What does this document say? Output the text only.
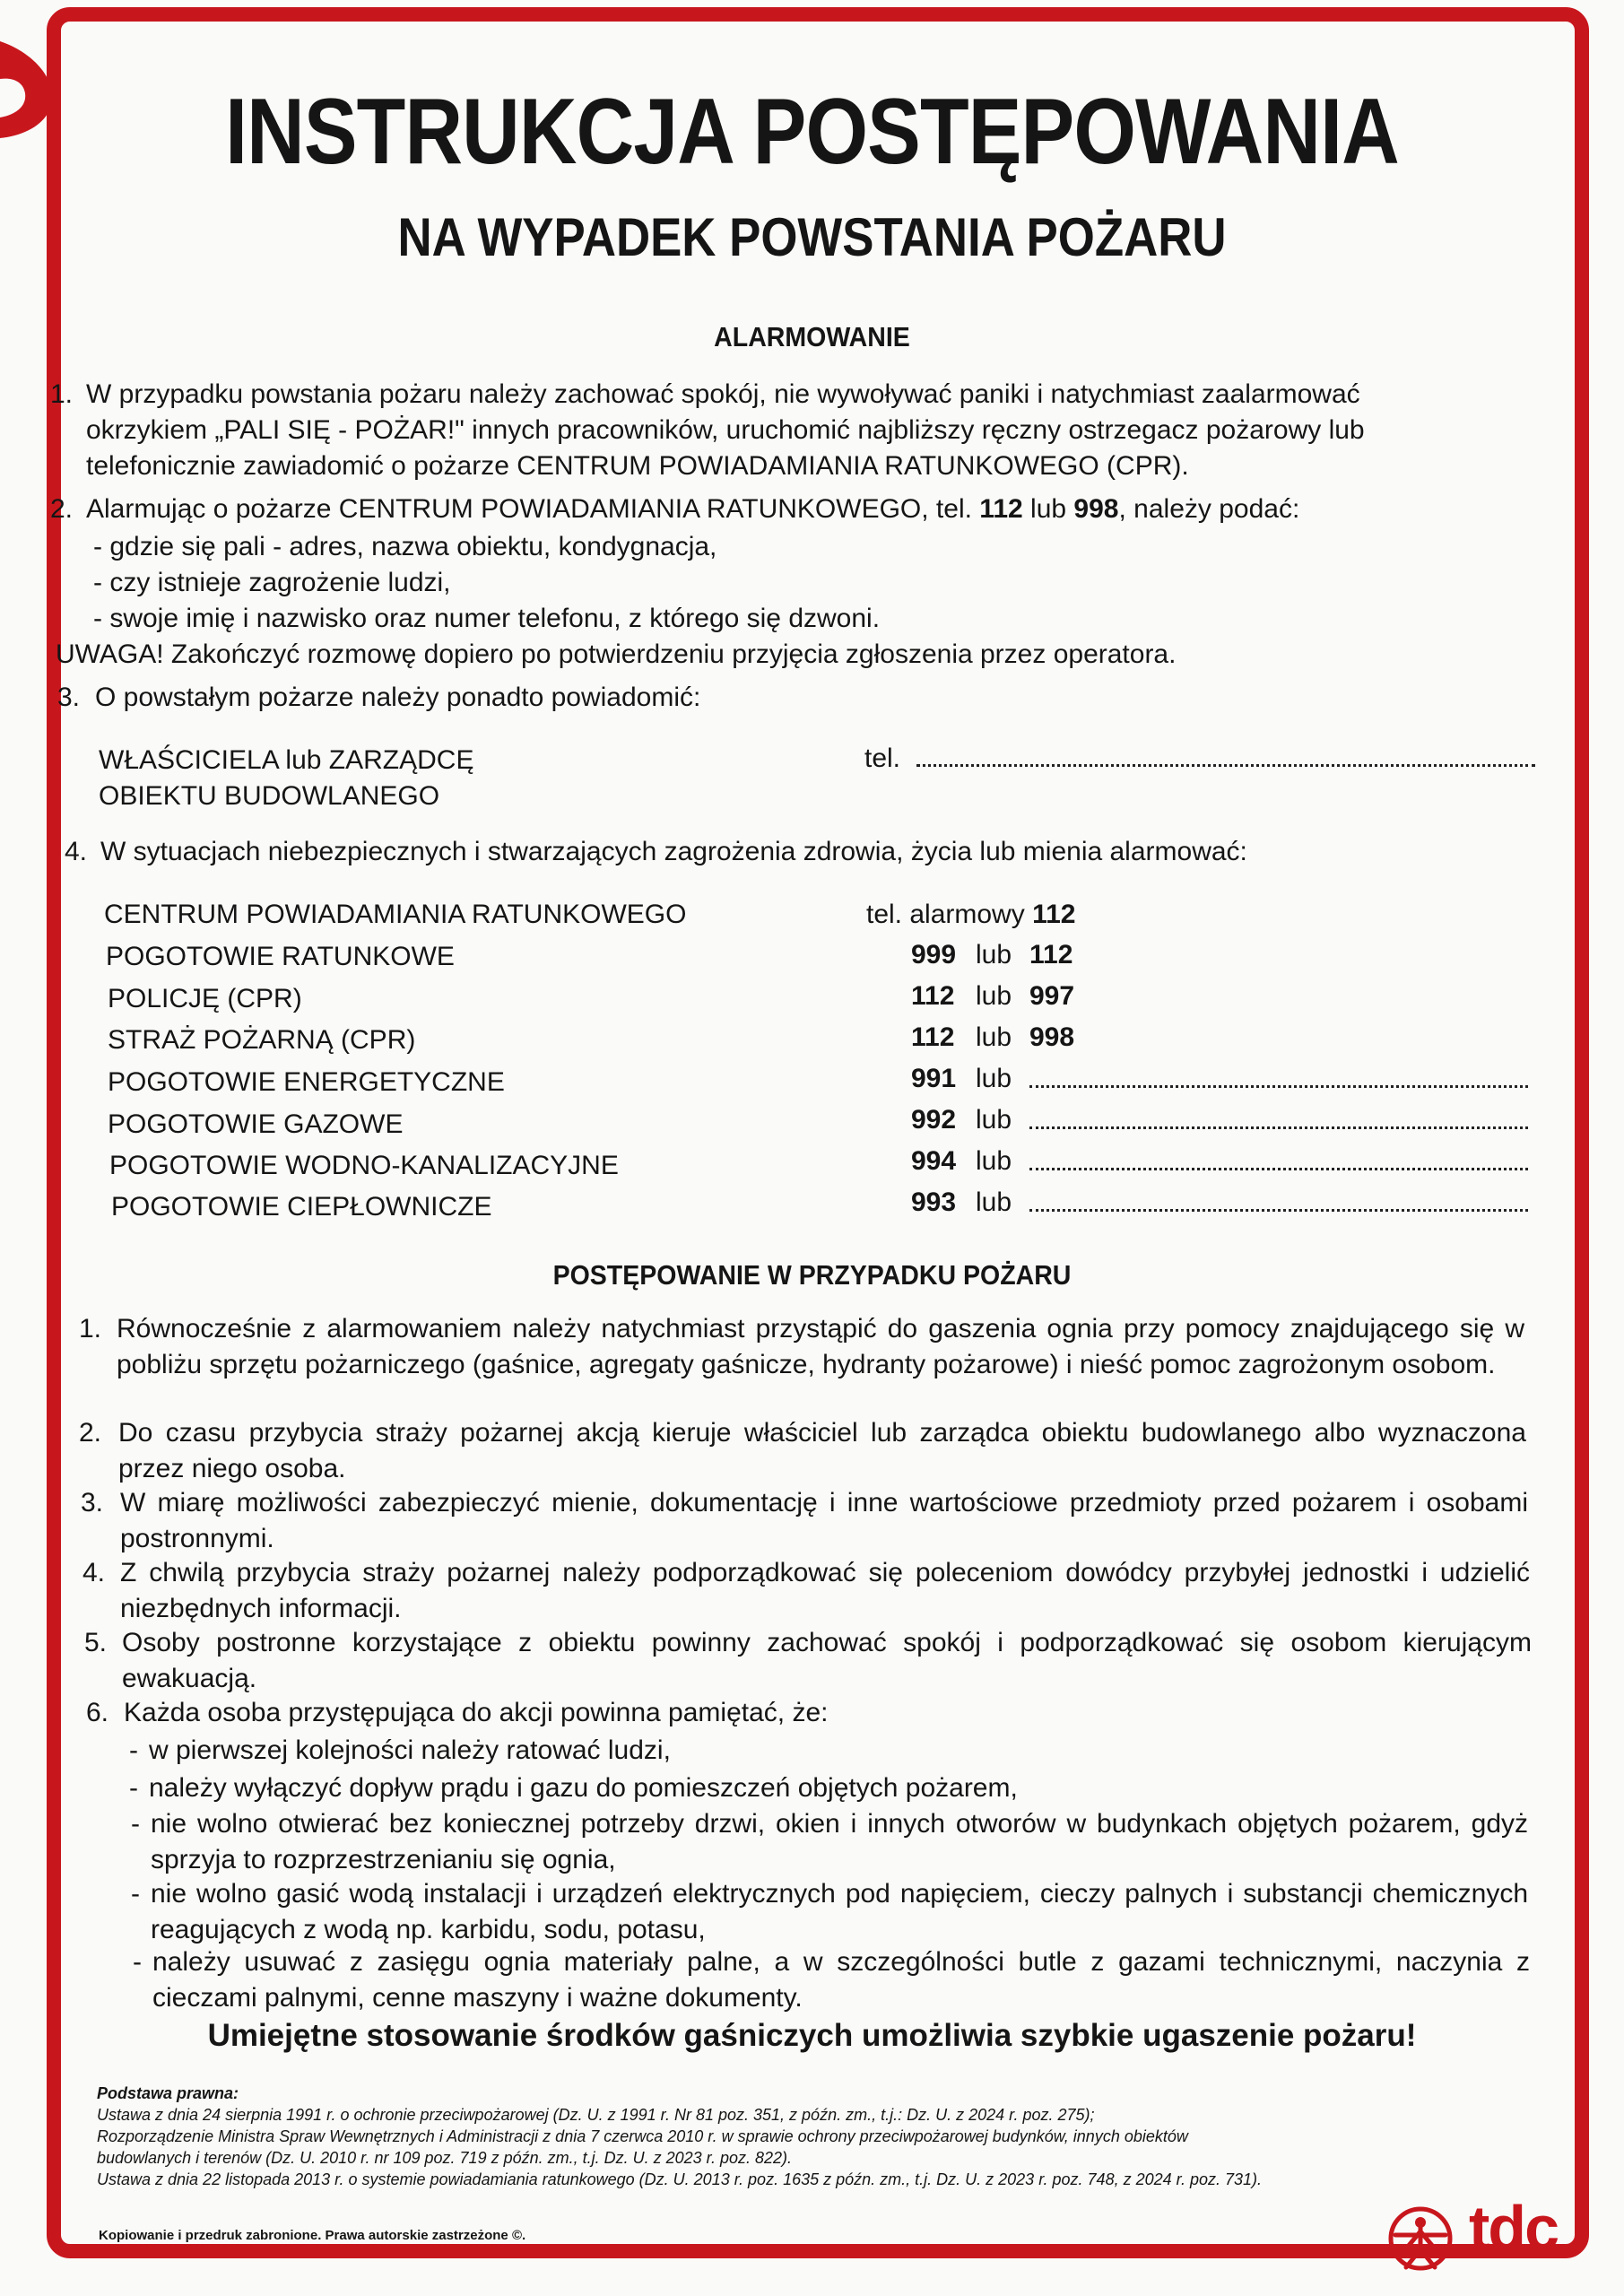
INSTRUKCJA POSTĘPOWANIA
NA WYPADEK POWSTANIA POŻARU
ALARMOWANIE
1. W przypadku powstania pożaru należy zachować spokój, nie wywoływać paniki i natychmiast zaalarmować
okrzykiem „PALI SIĘ - POŻAR!" innych pracowników, uruchomić najbliższy ręczny ostrzegacz pożarowy lub
telefonicznie zawiadomić o pożarze CENTRUM POWIADAMIANIA RATUNKOWEGO (CPR).
2. Alarmując o pożarze CENTRUM POWIADAMIANIA RATUNKOWEGO, tel. 112 lub 998, należy podać:
- gdzie się pali - adres, nazwa obiektu, kondygnacja,
- czy istnieje zagrożenie ludzi,
- swoje imię i nazwisko oraz numer telefonu, z którego się dzwoni.
UWAGA! Zakończyć rozmowę dopiero po potwierdzeniu przyjęcia zgłoszenia przez operatora.
3. O powstałym pożarze należy ponadto powiadomić:
WŁAŚCICIELA lub ZARZĄDCĘ
OBIEKTU BUDOWLANEGO
tel.
4. W sytuacjach niebezpiecznych i stwarzających zagrożenia zdrowia, życia lub mienia alarmować:
CENTRUM POWIADAMIANIA RATUNKOWEGO	tel. alarmowy 112
POGOTOWIE RATUNKOWE	999 lub 112
POLICJĘ (CPR)	112 lub 997
STRAŻ POŻARNĄ (CPR)	112 lub 998
POGOTOWIE ENERGETYCZNE	991 lub
POGOTOWIE GAZOWE	992 lub
POGOTOWIE WODNO-KANALIZACYJNE	994 lub
POGOTOWIE CIEPŁOWNICZE	993 lub
POSTĘPOWANIE W PRZYPADKU POŻARU
1. Równocześnie z alarmowaniem należy natychmiast przystąpić do gaszenia ognia przy pomocy znajdującego się w pobliżu sprzętu pożarniczego (gaśnice, agregaty gaśnicze, hydranty pożarowe) i nieść pomoc zagrożonym osobom.
2. Do czasu przybycia straży pożarnej akcją kieruje właściciel lub zarządca obiektu budowlanego albo wyznaczona przez niego osoba.
3. W miarę możliwości zabezpieczyć mienie, dokumentację i inne wartościowe przedmioty przed pożarem i osobami postronnymi.
4. Z chwilą przybycia straży pożarnej należy podporządkować się poleceniom dowódcy przybyłej jednostki i udzielić niezbędnych informacji.
5. Osoby postronne korzystające z obiektu powinny zachować spokój i podporządkować się osobom kierującym ewakuacją.
6. Każda osoba przystępująca do akcji powinna pamiętać, że:
- w pierwszej kolejności należy ratować ludzi,
- należy wyłączyć dopływ prądu i gazu do pomieszczeń objętych pożarem,
- nie wolno otwierać bez koniecznej potrzeby drzwi, okien i innych otworów w budynkach objętych pożarem, gdyż sprzyja to rozprzestrzenianiu się ognia,
- nie wolno gasić wodą instalacji i urządzeń elektrycznych pod napięciem, cieczy palnych i substancji chemicznych reagujących z wodą np. karbidu, sodu, potasu,
- należy usuwać z zasięgu ognia materiały palne, a w szczególności butle z gazami technicznymi, naczynia z cieczami palnymi, cenne maszyny i ważne dokumenty.
Umiejętne stosowanie środków gaśniczych umożliwia szybkie ugaszenie pożaru!
Podstawa prawna:
Ustawa z dnia 24 sierpnia 1991 r. o ochronie przeciwpożarowej (Dz. U. z 1991 r. Nr 81 poz. 351, z późn. zm., t.j.: Dz. U. z 2024 r. poz. 275);
Rozporządzenie Ministra Spraw Wewnętrznych i Administracji z dnia 7 czerwca 2010 r. w sprawie ochrony przeciwpożarowej budynków, innych obiektów
budowlanych i terenów (Dz. U. 2010 r. nr 109 poz. 719 z późn. zm., t.j. Dz. U. z 2023 r. poz. 822).
Ustawa z dnia 22 listopada 2013 r. o systemie powiadamiania ratunkowego (Dz. U. 2013 r. poz. 1635 z późn. zm., t.j. Dz. U. z 2023 r. poz. 748, z 2024 r. poz. 731).
Kopiowanie i przedruk zabronione. Prawa autorskie zastrzeżone ©.	tdc
